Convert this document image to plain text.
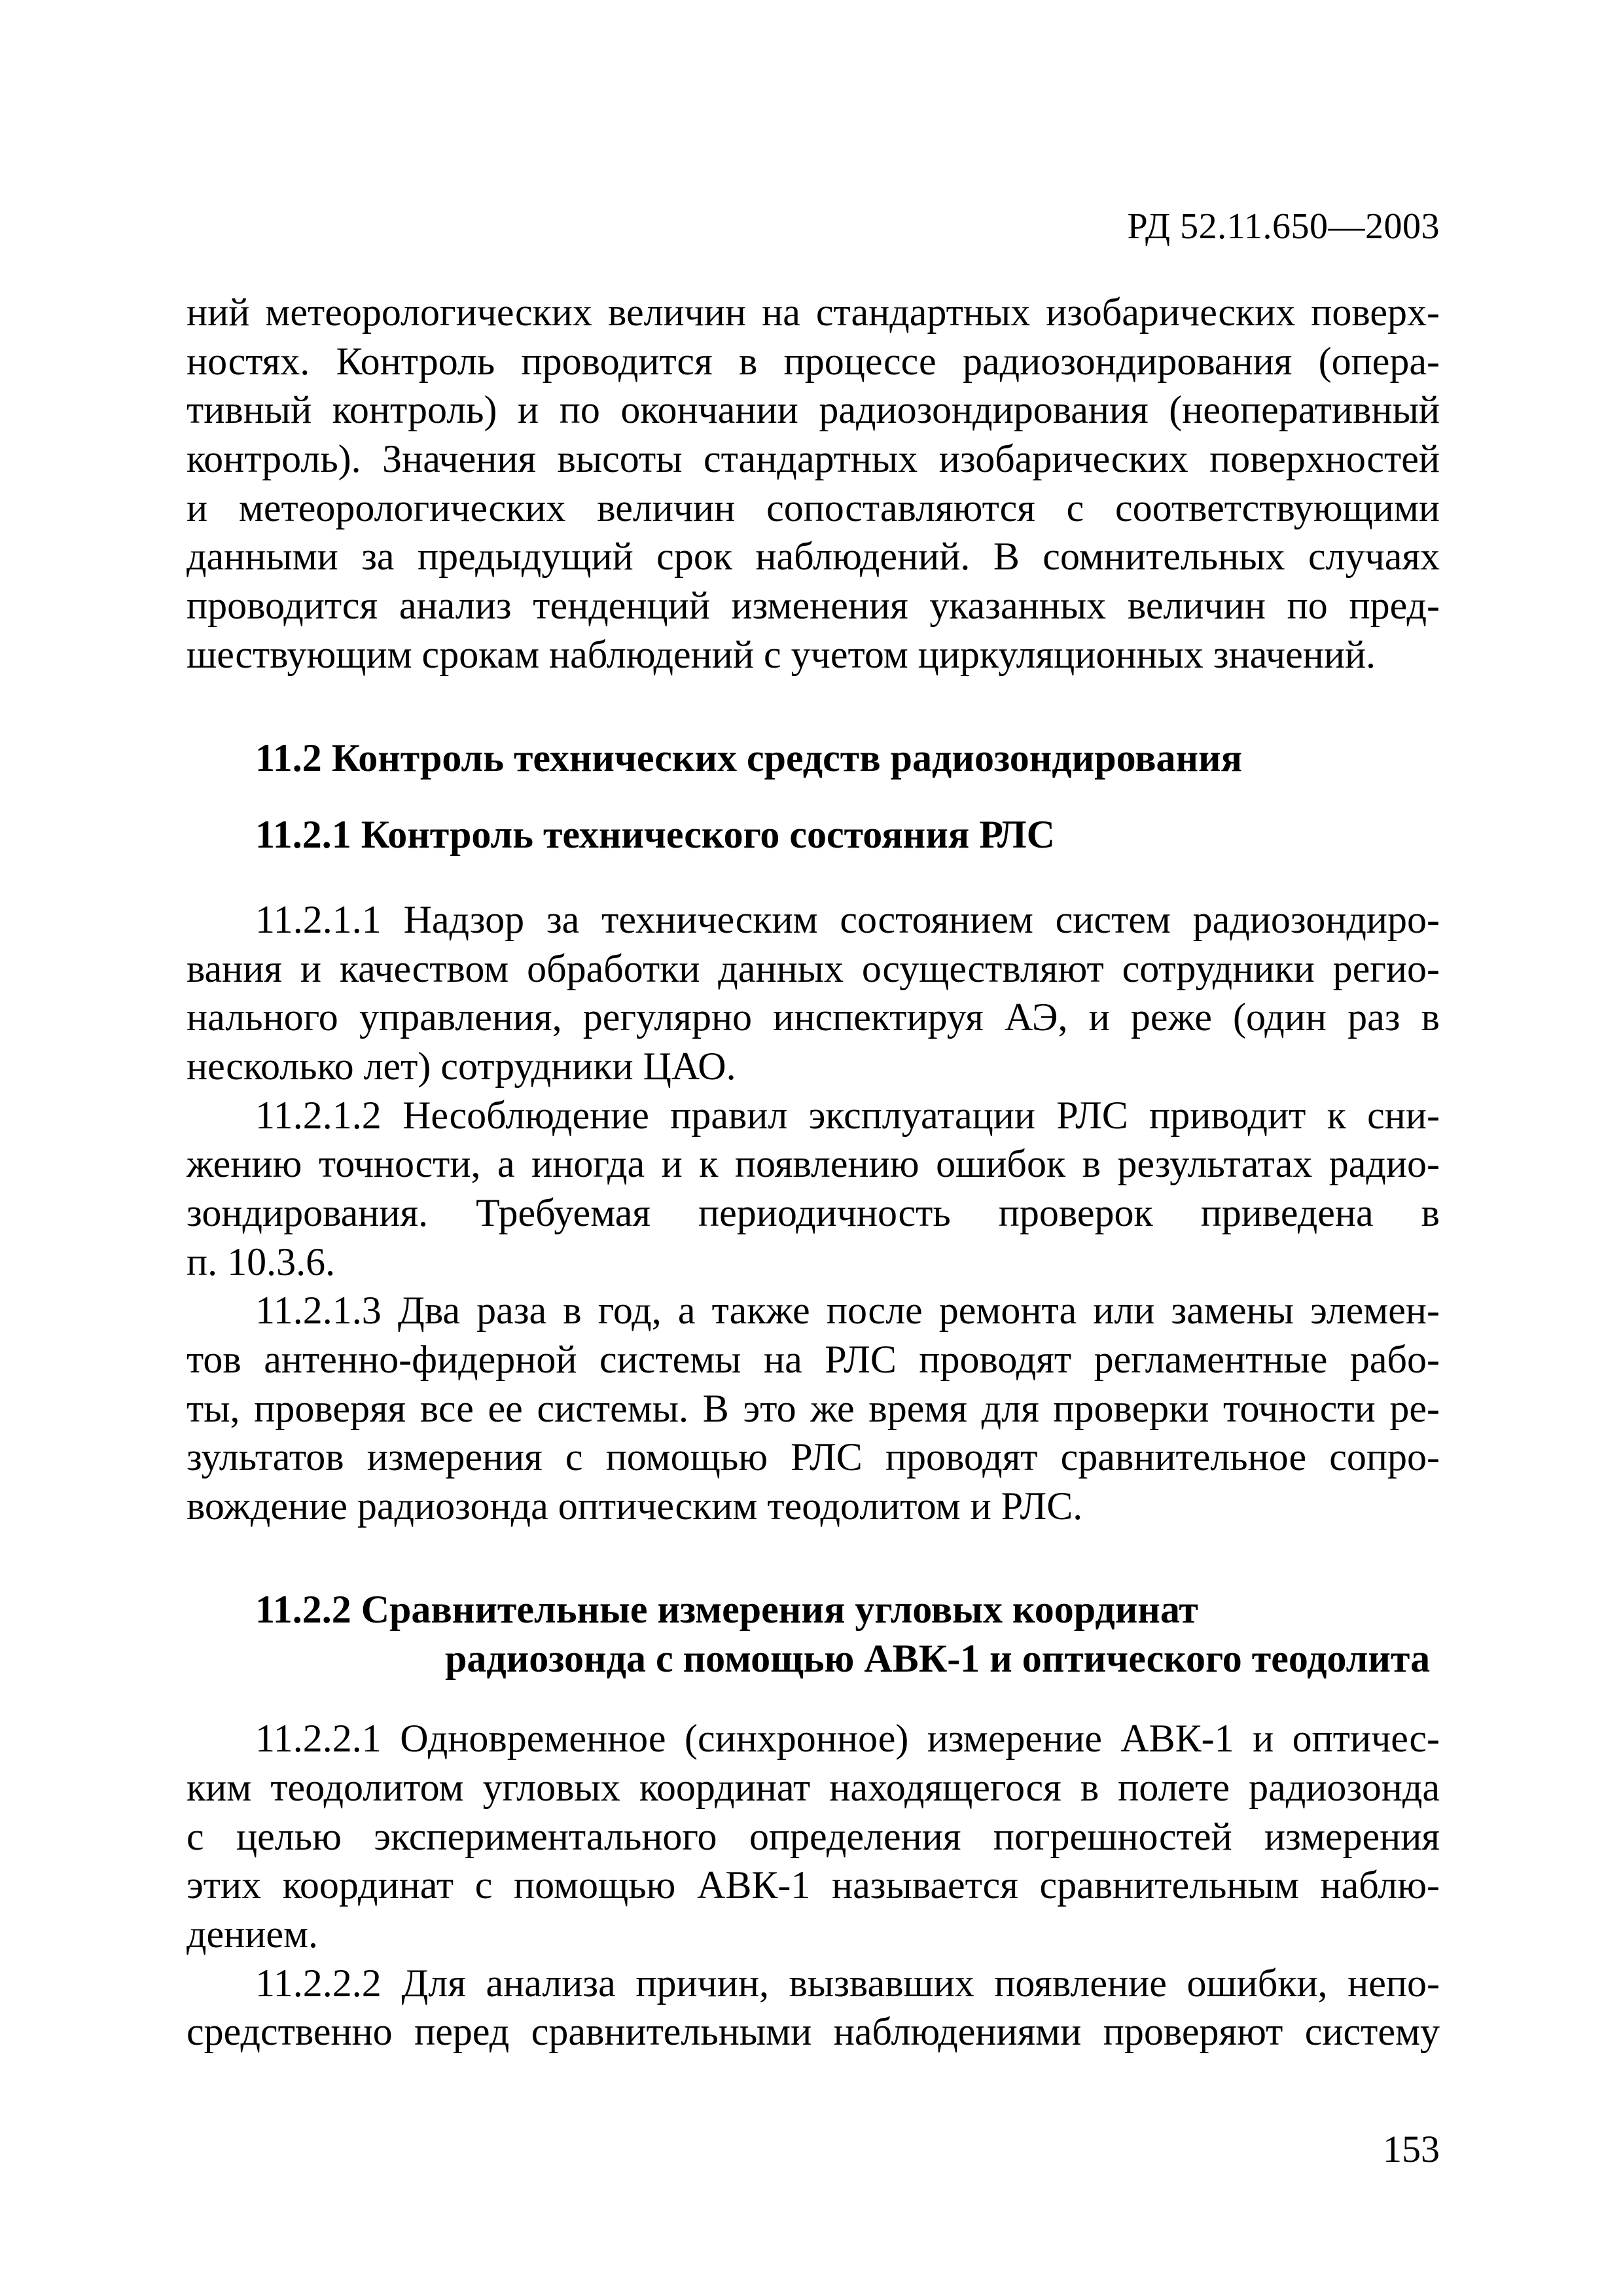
РД 52.11.650—2003
ний метеорологических величин на стандартных изобарических поверх-
ностях. Контроль проводится в процессе радиозондирования (опера-
тивный контроль) и по окончании радиозондирования (неоперативный
контроль). Значения высоты стандартных изобарических поверхностей
и метеорологических величин сопоставляются с соответствующими
данными за предыдущий срок наблюдений. В сомнительных случаях
проводится анализ тенденций изменения указанных величин по пред-
шествующим срокам наблюдений с учетом циркуляционных значений.
11.2 Контроль технических средств радиозондирования
11.2.1 Контроль технического состояния РЛС
11.2.1.1 Надзор за техническим состоянием систем радиозондиро-
вания и качеством обработки данных осуществляют сотрудники регио-
нального управления, регулярно инспектируя АЭ, и реже (один раз в
несколько лет) сотрудники ЦАО.
11.2.1.2 Несоблюдение правил эксплуатации РЛС приводит к сни-
жению точности, а иногда и к появлению ошибок в результатах радио-
зондирования. Требуемая периодичность проверок приведена в
п. 10.3.6.
11.2.1.3 Два раза в год, а также после ремонта или замены элемен-
тов антенно-фидерной системы на РЛС проводят регламентные рабо-
ты, проверяя все ее системы. В это же время для проверки точности ре-
зультатов измерения с помощью РЛС проводят сравнительное сопро-
вождение радиозонда оптическим теодолитом и РЛС.
11.2.2 Сравнительные измерения угловых координат
радиозонда с помощью АВК-1 и оптического теодолита
11.2.2.1 Одновременное (синхронное) измерение АВК-1 и оптичес-
ким теодолитом угловых координат находящегося в полете радиозонда
с целью экспериментального определения погрешностей измерения
этих координат с помощью АВК-1 называется сравнительным наблю-
дением.
11.2.2.2 Для анализа причин, вызвавших появление ошибки, непо-
средственно перед сравнительными наблюдениями проверяют систему
153
